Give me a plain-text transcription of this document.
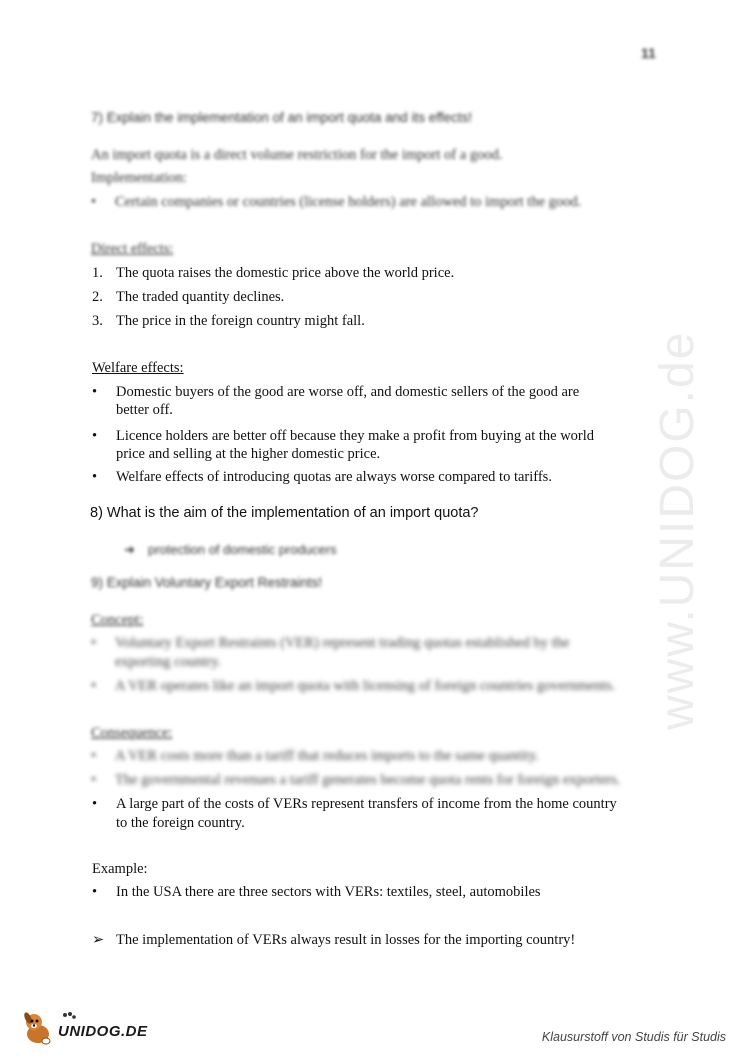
11
www.UNIDOG.de
7) Explain the implementation of an import quota and its effects!
An import quota is a direct volume restriction for the import of a good.
Implementation:
• Certain companies or countries (license holders) are allowed to import the good.
Direct effects:
1. The quota raises the domestic price above the world price.
2. The traded quantity declines.
3. The price in the foreign country might fall.
Welfare effects:
• Domestic buyers of the good are worse off, and domestic sellers of the good are
better off.
• Licence holders are better off because they make a profit from buying at the world
price and selling at the higher domestic price.
• Welfare effects of introducing quotas are always worse compared to tariffs.
8) What is the aim of the implementation of an import quota?
➜ protection of domestic producers
9) Explain Voluntary Export Restraints!
Concept:
• Voluntary Export Restraints (VER) represent trading quotas established by the
exporting country.
• A VER operates like an import quota with licensing of foreign countries governments.
Consequence:
• A VER costs more than a tariff that reduces imports to the same quantity.
• The governmental revenues a tariff generates become quota rents for foreign exporters.
• A large part of the costs of VERs represent transfers of income from the home country
to the foreign country.
Example:
• In the USA there are three sectors with VERs: textiles, steel, automobiles
➢ The implementation of VERs always result in losses for the importing country!
UNIDOG.DE	Klausurstoff von Studis für Studis
